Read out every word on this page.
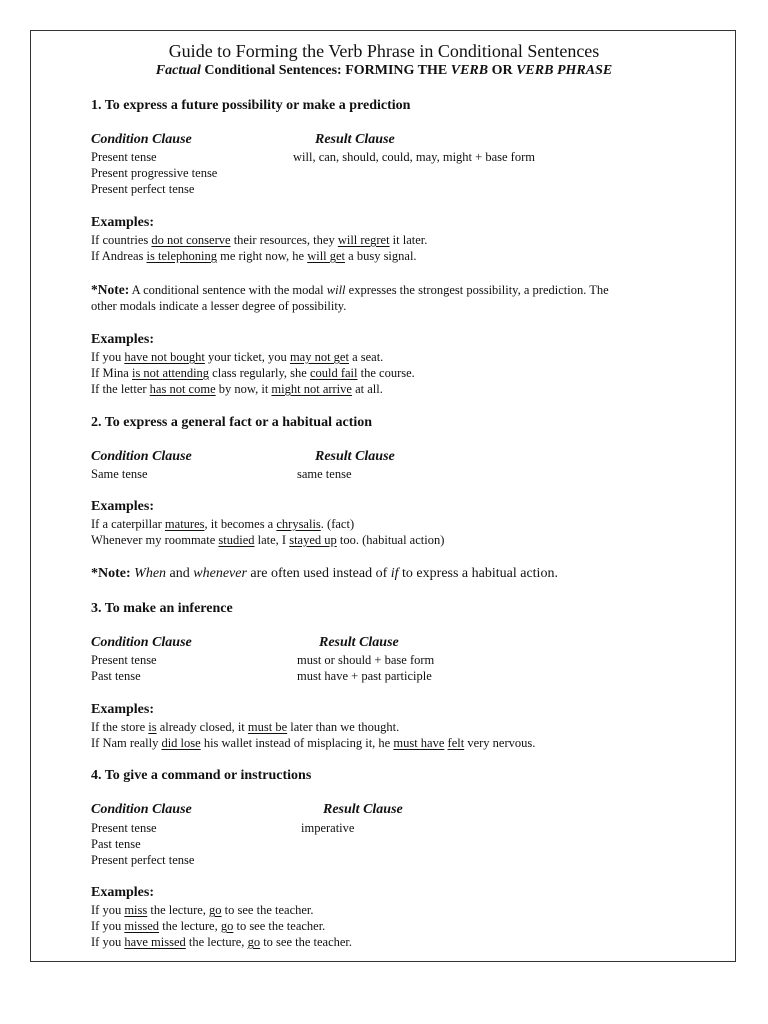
Guide to Forming the Verb Phrase in Conditional Sentences
Factual Conditional Sentences: FORMING THE VERB OR VERB PHRASE
1. To express a future possibility or make a prediction
Condition Clause	Result Clause
Present tense	will, can, should, could, may, might + base form
Present progressive tense
Present perfect tense
Examples:
If countries do not conserve their resources, they will regret it later.
If Andreas is telephoning me right now, he will get a busy signal.
*Note: A conditional sentence with the modal will expresses the strongest possibility, a prediction. The
other modals indicate a lesser degree of possibility.
Examples:
If you have not bought your ticket, you may not get a seat.
If Mina is not attending class regularly, she could fail the course.
If the letter has not come by now, it might not arrive at all.
2. To express a general fact or a habitual action
Condition Clause	Result Clause
Same tense	same tense
Examples:
If a caterpillar matures, it becomes a chrysalis. (fact)
Whenever my roommate studied late, I stayed up too. (habitual action)
*Note: When and whenever are often used instead of if to express a habitual action.
3. To make an inference
Condition Clause	Result Clause
Present tense	must or should + base form
Past tense	must have + past participle
Examples:
If the store is already closed, it must be later than we thought.
If Nam really did lose his wallet instead of misplacing it, he must have felt very nervous.
4. To give a command or instructions
Condition Clause	Result Clause
Present tense	imperative
Past tense
Present perfect tense
Examples:
If you miss the lecture, go to see the teacher.
If you missed the lecture, go to see the teacher.
If you have missed the lecture, go to see the teacher.
